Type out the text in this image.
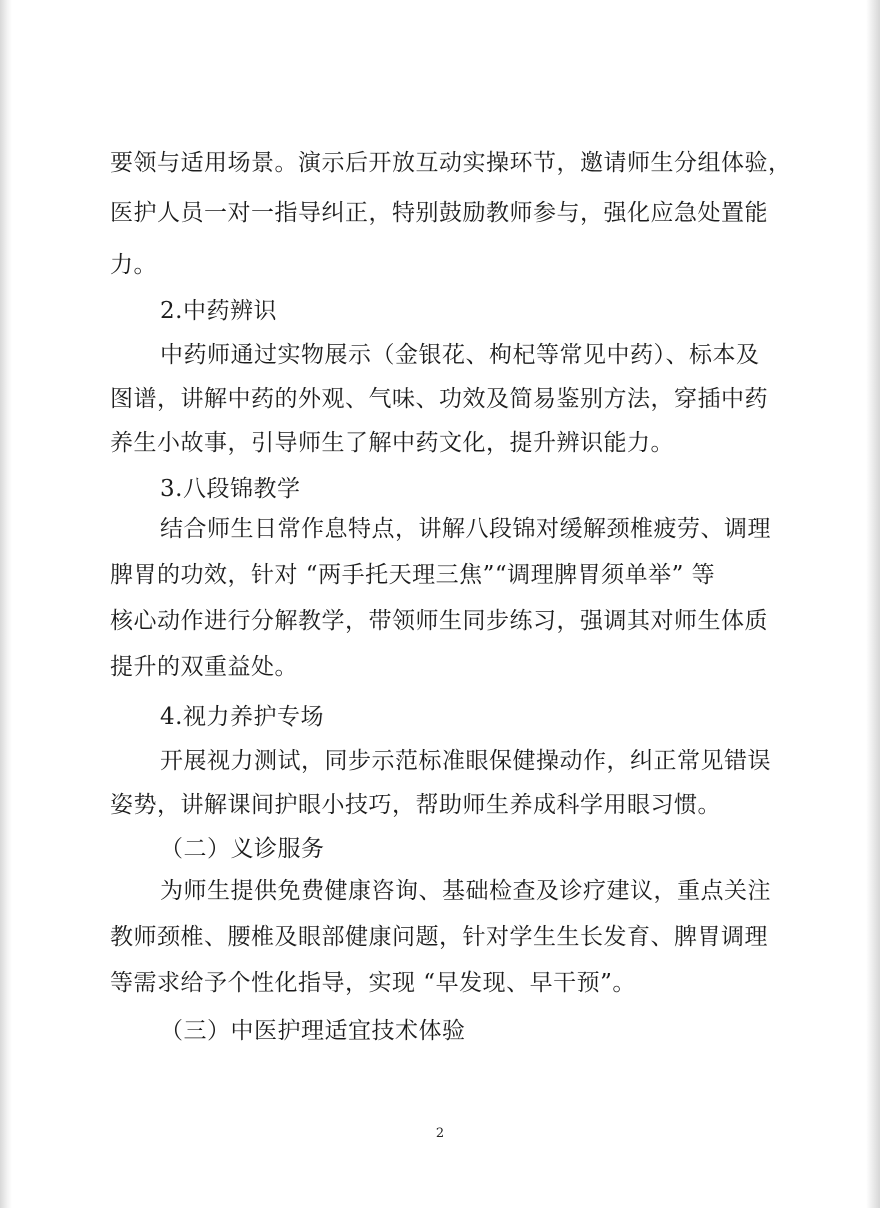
要领与适用场景。演示后开放互动实操环节，邀请师生分组体验，
医护人员一对一指导纠正，特别鼓励教师参与，强化应急处置能
力。
2.中药辨识
中药师通过实物展示（金银花、枸杞等常见中药）、标本及
图谱，讲解中药的外观、气味、功效及简易鉴别方法，穿插中药
养生小故事，引导师生了解中药文化，提升辨识能力。
3.八段锦教学
结合师生日常作息特点，讲解八段锦对缓解颈椎疲劳、调理
脾胃的功效，针对 “两手托天理三焦”“调理脾胃须单举” 等
核心动作进行分解教学，带领师生同步练习，强调其对师生体质
提升的双重益处。
4.视力养护专场
开展视力测试，同步示范标准眼保健操动作，纠正常见错误
姿势，讲解课间护眼小技巧，帮助师生养成科学用眼习惯。
（二）义诊服务
为师生提供免费健康咨询、基础检查及诊疗建议，重点关注
教师颈椎、腰椎及眼部健康问题，针对学生生长发育、脾胃调理
等需求给予个性化指导，实现 “早发现、早干预”。
（三）中医护理适宜技术体验
2
